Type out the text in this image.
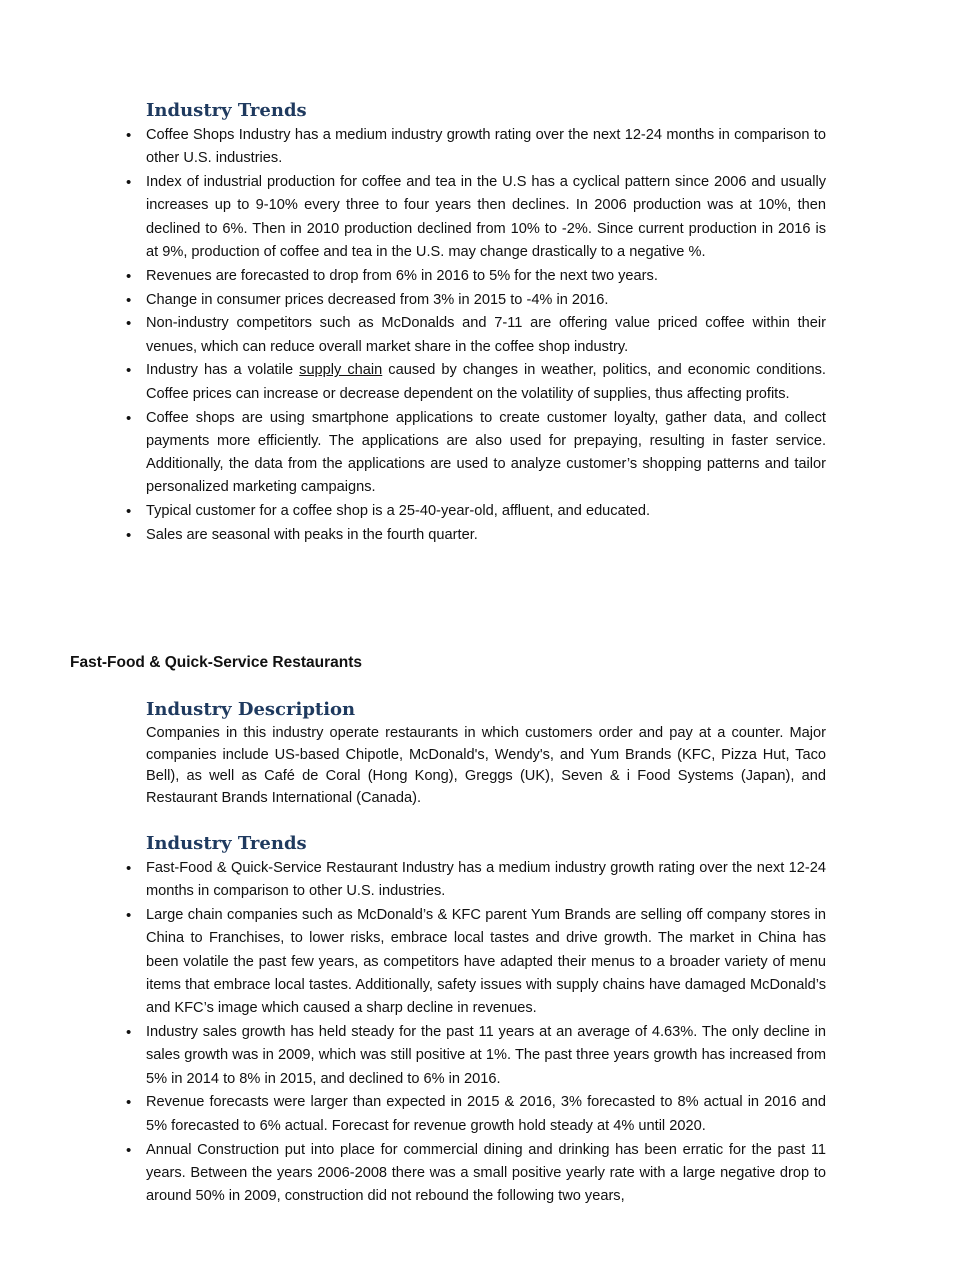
Industry Trends
• Coffee Shops Industry has a medium industry growth rating over the next 12-24 months in comparison to other U.S. industries.
• Index of industrial production for coffee and tea in the U.S has a cyclical pattern since 2006 and usually increases up to 9-10% every three to four years then declines. In 2006 production was at 10%, then declined to 6%. Then in 2010 production declined from 10% to -2%. Since current production in 2016 is at 9%, production of coffee and tea in the U.S. may change drastically to a negative %.
• Revenues are forecasted to drop from 6% in 2016 to 5% for the next two years.
• Change in consumer prices decreased from 3% in 2015 to -4% in 2016.
• Non-industry competitors such as McDonalds and 7-11 are offering value priced coffee within their venues, which can reduce overall market share in the coffee shop industry.
• Industry has a volatile supply chain caused by changes in weather, politics, and economic conditions. Coffee prices can increase or decrease dependent on the volatility of supplies, thus affecting profits.
• Coffee shops are using smartphone applications to create customer loyalty, gather data, and collect payments more efficiently. The applications are also used for prepaying, resulting in faster service. Additionally, the data from the applications are used to analyze customer’s shopping patterns and tailor personalized marketing campaigns.
• Typical customer for a coffee shop is a 25-40-year-old, affluent, and educated.
• Sales are seasonal with peaks in the fourth quarter.
Fast-Food & Quick-Service Restaurants
Industry Description

Companies in this industry operate restaurants in which customers order and pay at a counter. Major companies include US-based Chipotle, McDonald's, Wendy's, and Yum Brands (KFC, Pizza Hut, Taco Bell), as well as Café de Coral (Hong Kong), Greggs (UK), Seven & i Food Systems (Japan), and Restaurant Brands International (Canada).

Industry Trends
• Fast-Food & Quick-Service Restaurant Industry has a medium industry growth rating over the next 12-24 months in comparison to other U.S. industries.
• Large chain companies such as McDonald’s & KFC parent Yum Brands are selling off company stores in China to Franchises, to lower risks, embrace local tastes and drive growth. The market in China has been volatile the past few years, as competitors have adapted their menus to a broader variety of menu items that embrace local tastes. Additionally, safety issues with supply chains have damaged McDonald’s and KFC’s image which caused a sharp decline in revenues.
• Industry sales growth has held steady for the past 11 years at an average of 4.63%. The only decline in sales growth was in 2009, which was still positive at 1%. The past three years growth has increased from 5% in 2014 to 8% in 2015, and declined to 6% in 2016.
• Revenue forecasts were larger than expected in 2015 & 2016, 3% forecasted to 8% actual in 2016 and 5% forecasted to 6% actual. Forecast for revenue growth hold steady at 4% until 2020.
• Annual Construction put into place for commercial dining and drinking has been erratic for the past 11 years. Between the years 2006-2008 there was a small positive yearly rate with a large negative drop to around 50% in 2009, construction did not rebound the following two years,
